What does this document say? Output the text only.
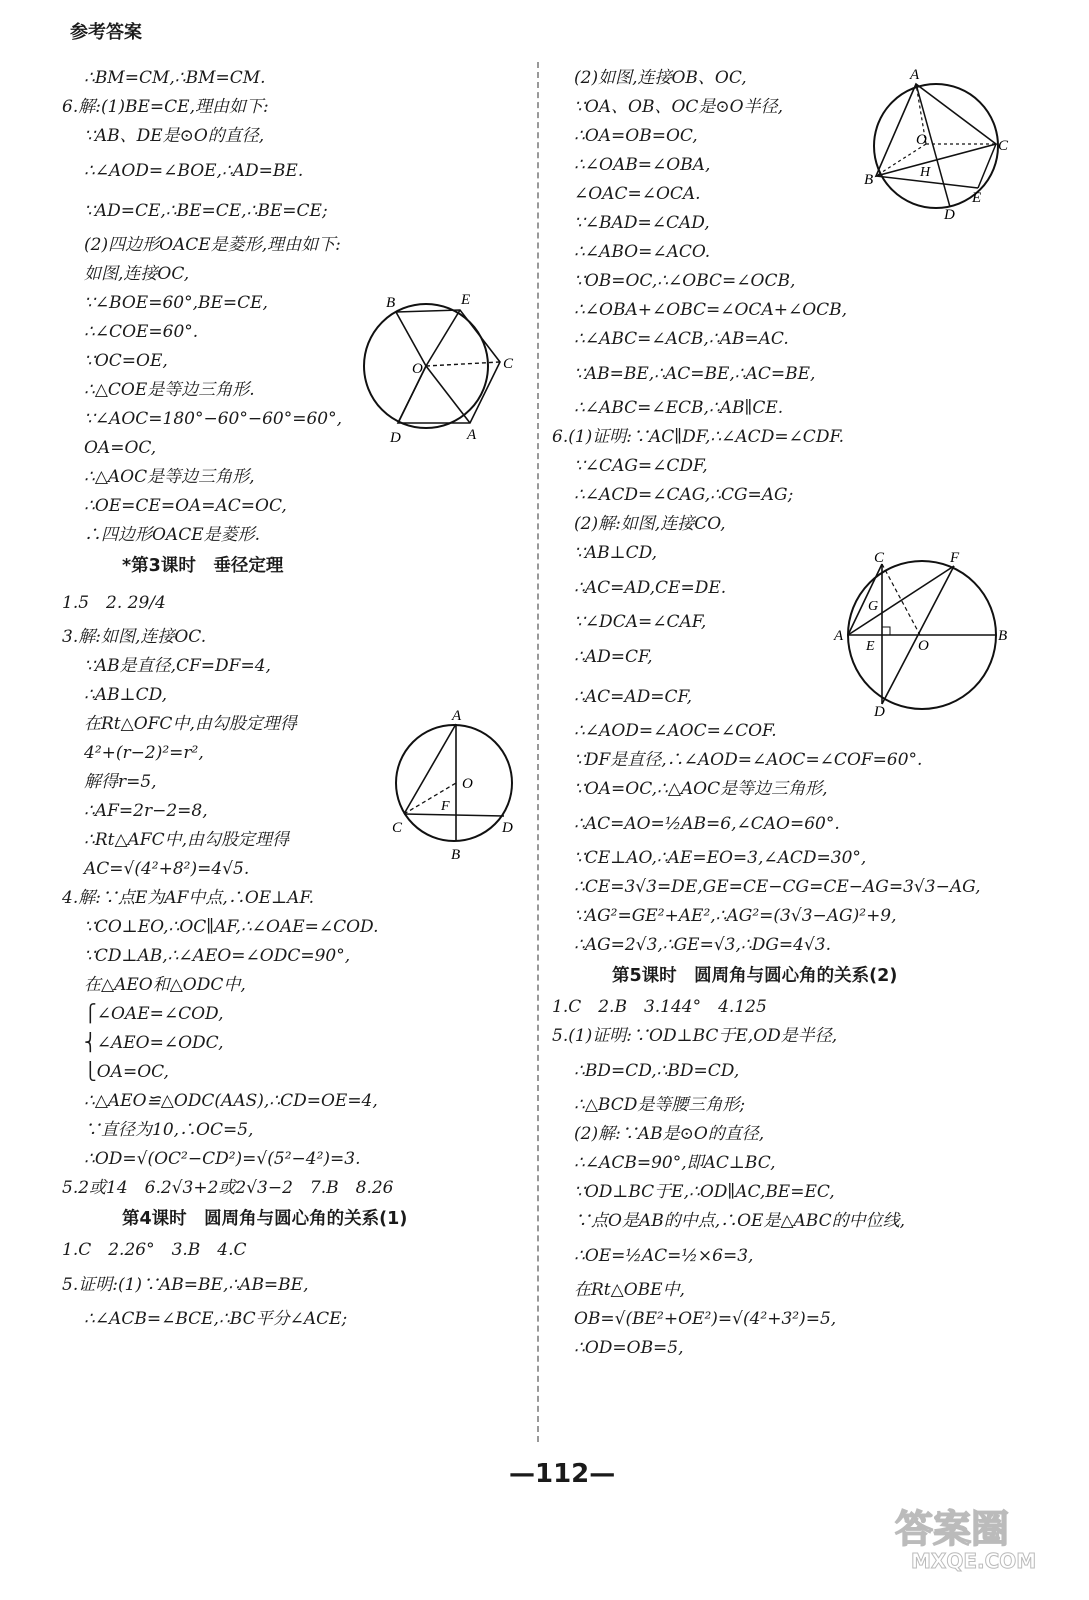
参考答案
∴BM=CM,∴BM=CM.
6.解:(1)BE=CE,理由如下:
∵AB、DE是⊙O的直径,
∴∠AOD=∠BOE,∴AD=BE.
∵AD=CE,∴BE=CE,∴BE=CE;
(2)四边形OACE是菱形,理由如下:
如图,连接OC,
∵∠BOE=60°,BE=CE,
∴∠COE=60°.
∵OC=OE,
∴△COE是等边三角形.
∵∠AOC=180°−60°−60°=60°,
OA=OC,
∴△AOC是等边三角形,
∴OE=CE=OA=AC=OC,
∴四边形OACE是菱形.
*第3课时　垂径定理
1.5　2. 29/4
3.解:如图,连接OC.
∵AB是直径,CF=DF=4,
∴AB⊥CD,
在Rt△OFC中,由勾股定理得
4²+(r−2)²=r²,
解得r=5,
∴AF=2r−2=8,
∴Rt△AFC中,由勾股定理得
AC=√(4²+8²)=4√5.
4.解:∵点E为AF中点,∴OE⊥AF.
∵CO⊥EO,∴OC∥AF,∴∠OAE=∠COD.
∵CD⊥AB,∴∠AEO=∠ODC=90°,
在△AEO和△ODC中,
⎧∠OAE=∠COD,
⎨∠AEO=∠ODC,
⎩OA=OC,
∴△AEO≌△ODC(AAS),∴CD=OE=4,
∵直径为10,∴OC=5,
∴OD=√(OC²−CD²)=√(5²−4²)=3.
5.2或14　6.2√3+2或2√3−2　7.B　8.26
第4课时　圆周角与圆心角的关系(1)
1.C　2.26°　3.B　4.C
5.证明:(1)∵AB=BE,∴AB=BE,
∴∠ACB=∠BCE,∴BC平分∠ACE;
(2)如图,连接OB、OC,
∵OA、OB、OC是⊙O半径,
∴OA=OB=OC,
∴∠OAB=∠OBA,
∠OAC=∠OCA.
∵∠BAD=∠CAD,
∴∠ABO=∠ACO.
∵OB=OC,∴∠OBC=∠OCB,
∴∠OBA+∠OBC=∠OCA+∠OCB,
∴∠ABC=∠ACB,∴AB=AC.
∵AB=BE,∴AC=BE,∴AC=BE,
∴∠ABC=∠ECB,∴AB∥CE.
6.(1)证明:∵AC∥DF,∴∠ACD=∠CDF.
∵∠CAG=∠CDF,
∴∠ACD=∠CAG,∴CG=AG;
(2)解:如图,连接CO,
∵AB⊥CD,
∴AC=AD,CE=DE.
∵∠DCA=∠CAF,
∴AD=CF,
∴AC=AD=CF,
∴∠AOD=∠AOC=∠COF.
∵DF是直径,∴∠AOD=∠AOC=∠COF=60°.
∵OA=OC,∴△AOC是等边三角形,
∴AC=AO=½AB=6,∠CAO=60°.
∵CE⊥AO,∴AE=EO=3,∠ACD=30°,
∴CE=3√3=DE,GE=CE−CG=CE−AG=3√3−AG,
∵AG²=GE²+AE²,∴AG²=(3√3−AG)²+9,
∴AG=2√3,∴GE=√3,∴DG=4√3.
第5课时　圆周角与圆心角的关系(2)
1.C　2.B　3.144°　4.125
5.(1)证明:∵OD⊥BC于E,OD是半径,
∴BD=CD,∴BD=CD,
∴△BCD是等腰三角形;
(2)解:∵AB是⊙O的直径,
∴∠ACB=90°,即AC⊥BC,
∵OD⊥BC于E,∴OD∥AC,BE=EC,
∵点O是AB的中点,∴OE是△ABC的中位线,
∴OE=½AC=½×6=3,
在Rt△OBE中,
OB=√(BE²+OE²)=√(4²+3²)=5,
∴OD=OB=5,
B	E
O	C
D	A
A
O
F
C	D
B
A
O
H
B
C
E
D
C	F
G
A
E	O
B
D
—112—
答案圈
MXQE.COM
